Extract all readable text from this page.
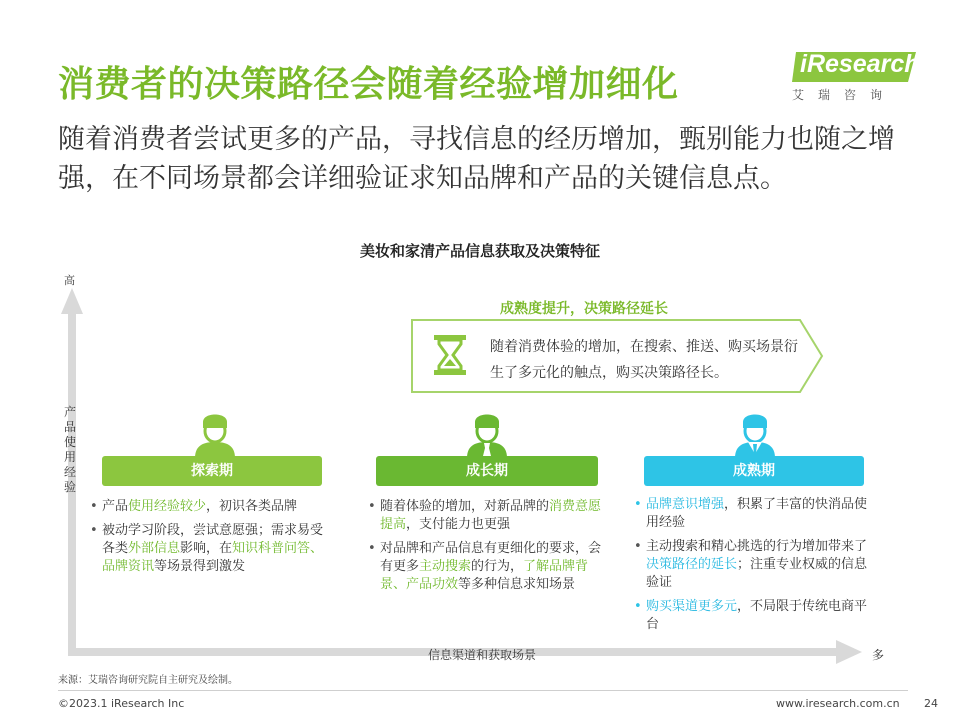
消费者的决策路径会随着经验增加细化
随着消费者尝试更多的产品，寻找信息的经历增加，甄别能力也随之增强，在不同场景都会详细验证求知品牌和产品的关键信息点。
iResearch
艾瑞咨询
美妆和家清产品信息获取及决策特征
高
产品使用经验
信息渠道和获取场景	多
成熟度提升，决策路径延长
随着消费体验的增加，在搜索、推送、购买场景衍生了多元化的触点，购买决策路径长。
探索期	成长期	成熟期
• 产品使用经验较少，初识各类品牌
• 被动学习阶段，尝试意愿强；需求易受各类外部信息影响，在知识科普问答、品牌资讯等场景得到激发
• 随着体验的增加，对新品牌的消费意愿提高，支付能力也更强
• 对品牌和产品信息有更细化的要求，会有更多主动搜索的行为，了解品牌背景、产品功效等多种信息求知场景
• 品牌意识增强，积累了丰富的快消品使用经验
• 主动搜索和精心挑选的行为增加带来了决策路径的延长；注重专业权威的信息验证
• 购买渠道更多元，不局限于传统电商平台
来源：艾瑞咨询研究院自主研究及绘制。
©2023.1 iResearch Inc	www.iresearch.com.cn 24
